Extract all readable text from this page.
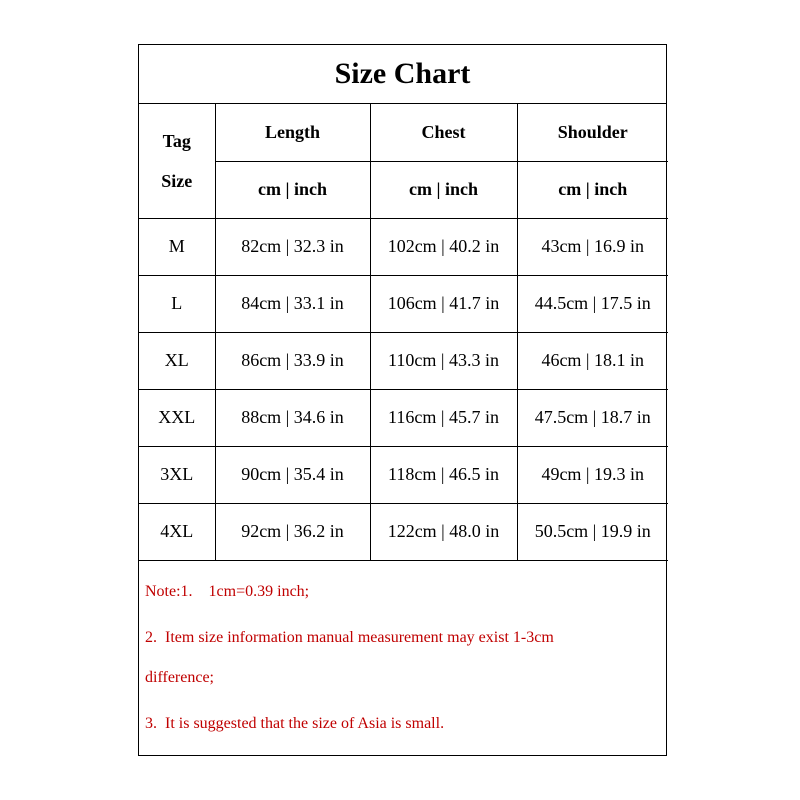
Size Chart
Tag
Size	Length	Chest	Shoulder
	cm | inch	cm | inch	cm | inch
M	82cm | 32.3 in	102cm | 40.2 in	43cm | 16.9 in
L	84cm | 33.1 in	106cm | 41.7 in	44.5cm | 17.5 in
XL	86cm | 33.9 in	110cm | 43.3 in	46cm | 18.1 in
XXL	88cm | 34.6 in	116cm | 45.7 in	47.5cm | 18.7 in
3XL	90cm | 35.4 in	118cm | 46.5 in	49cm | 19.3 in
4XL	92cm | 36.2 in	122cm | 48.0 in	50.5cm | 19.9 in
Note:1.    1cm=0.39 inch;
2.  Item size information manual measurement may exist 1-3cm
difference;
3.  It is suggested that the size of Asia is small.
